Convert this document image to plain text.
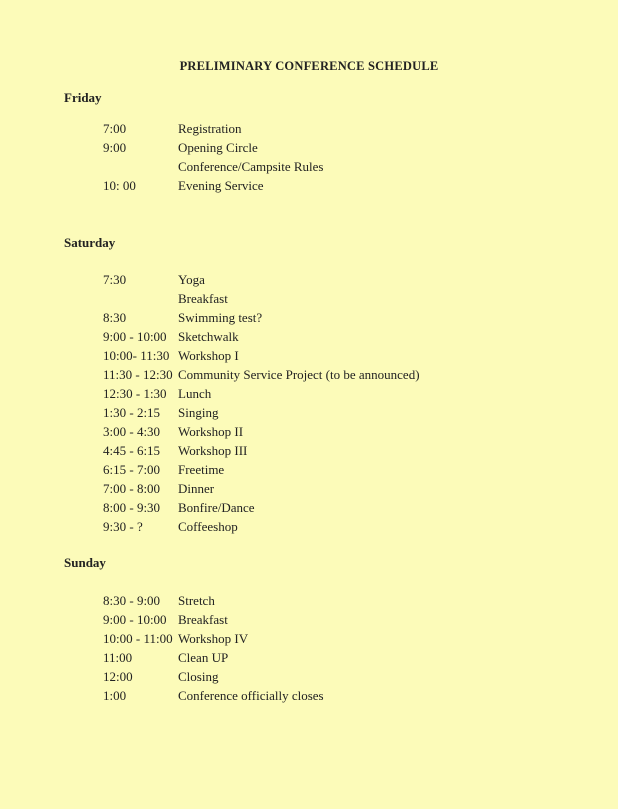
PRELIMINARY CONFERENCE SCHEDULE
Friday
7:00	Registration
9:00	Opening Circle
Conference/Campsite Rules
10: 00	Evening Service
Saturday
7:30	Yoga
Breakfast
8:30	Swimming test?
9:00 - 10:00 Sketchwalk
10:00- 11:30 Workshop I
11:30 - 12:30 Community Service Project (to be announced)
12:30 - 1:30 Lunch
1:30 - 2:15 Singing
3:00 - 4:30 Workshop II
4:45 - 6:15 Workshop III
6:15 - 7:00 Freetime
7:00 - 8:00 Dinner
8:00 - 9:30 Bonfire/Dance
9:30 - ?	Coffeeshop
Sunday
8:30 - 9:00 Stretch
9:00 - 10:00 Breakfast
10:00 - 11:00 Workshop IV
11:00	Clean UP
12:00	Closing
1:00	Conference officially closes
